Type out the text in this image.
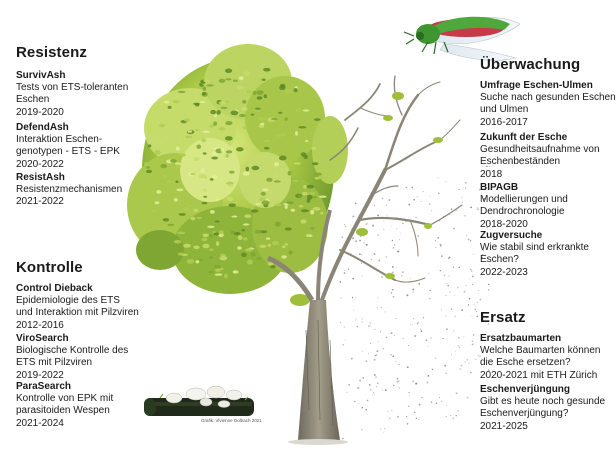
Grafik: Vivienne Dolbach 2021
Resistenz
SurvivAsh
Tests von ETS-toleranten
Eschen
2019-2020
DefendAsh
Interaktion Eschen-
genotypen - ETS - EPK
2020-2022
ResistAsh
Resistenzmechanismen
2021-2022
Kontrolle
Control Dieback
Epidemiologie des ETS
und Interaktion mit Pilzviren
2012-2016
ViroSearch
Biologische Kontrolle des
ETS mit Pilzviren
2019-2022
ParaSearch
Kontrolle von EPK mit
parasitoiden Wespen
2021-2024
Überwachung
Umfrage Eschen-Ulmen
Suche nach gesunden Eschen
und Ulmen
2016-2017
Zukunft der Esche
Gesundheitsaufnahme von
Eschenbeständen
2018
BIPAGB
Modellierungen und
Dendrochronologie
2018-2020
Zugversuche
Wie stabil sind erkrankte
Eschen?
2022-2023
Ersatz
Ersatzbaumarten
Welche Baumarten können
die Esche ersetzen?
2020-2021 mit ETH Zürich
Eschenverjüngung
Gibt es heute noch gesunde
Eschenverjüngung?
2021-2025
